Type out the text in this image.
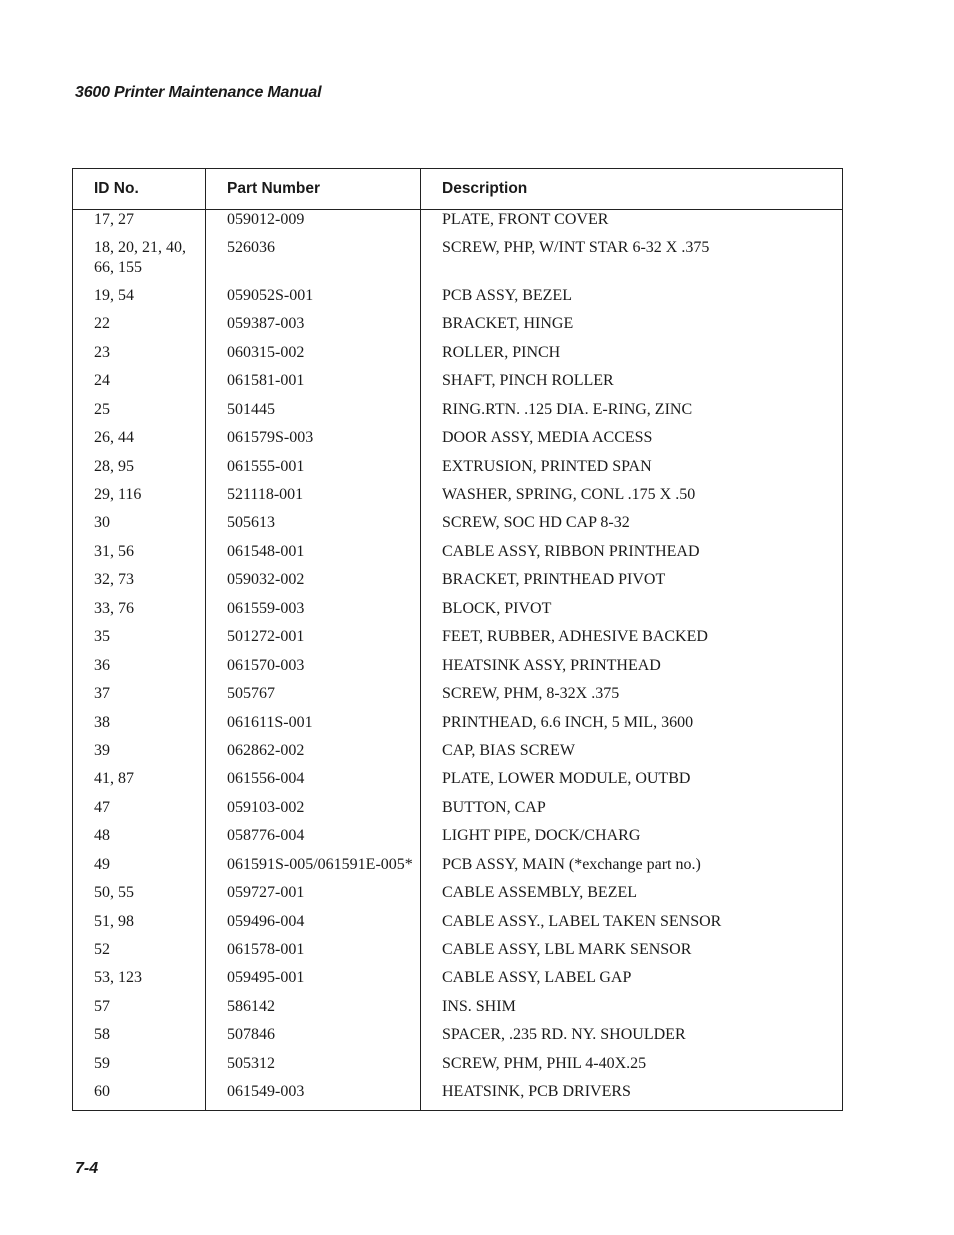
3600 Printer Maintenance Manual
ID No.	Part Number	Description
17, 27	059012-009	PLATE, FRONT COVER
18, 20, 21, 40, 66, 155	526036	SCREW, PHP, W/INT STAR 6-32 X .375
19, 54	059052S-001	PCB ASSY, BEZEL
22	059387-003	BRACKET, HINGE
23	060315-002	ROLLER, PINCH
24	061581-001	SHAFT, PINCH ROLLER
25	501445	RING.RTN. .125 DIA. E-RING, ZINC
26, 44	061579S-003	DOOR ASSY, MEDIA ACCESS
28, 95	061555-001	EXTRUSION, PRINTED SPAN
29, 116	521118-001	WASHER, SPRING, CONL .175 X .50
30	505613	SCREW, SOC HD CAP 8-32
31, 56	061548-001	CABLE ASSY, RIBBON PRINTHEAD
32, 73	059032-002	BRACKET, PRINTHEAD PIVOT
33, 76	061559-003	BLOCK, PIVOT
35	501272-001	FEET, RUBBER, ADHESIVE BACKED
36	061570-003	HEATSINK ASSY, PRINTHEAD
37	505767	SCREW, PHM, 8-32X .375
38	061611S-001	PRINTHEAD, 6.6 INCH, 5 MIL, 3600
39	062862-002	CAP, BIAS SCREW
41, 87	061556-004	PLATE, LOWER MODULE, OUTBD
47	059103-002	BUTTON, CAP
48	058776-004	LIGHT PIPE, DOCK/CHARG
49	061591S-005/061591E-005*	PCB ASSY, MAIN (*exchange part no.)
50, 55	059727-001	CABLE ASSEMBLY, BEZEL
51, 98	059496-004	CABLE ASSY., LABEL TAKEN SENSOR
52	061578-001	CABLE ASSY, LBL MARK SENSOR
53, 123	059495-001	CABLE ASSY, LABEL GAP
57	586142	INS. SHIM
58	507846	SPACER, .235 RD. NY. SHOULDER
59	505312	SCREW, PHM, PHIL 4-40X.25
60	061549-003	HEATSINK, PCB DRIVERS
7-4
